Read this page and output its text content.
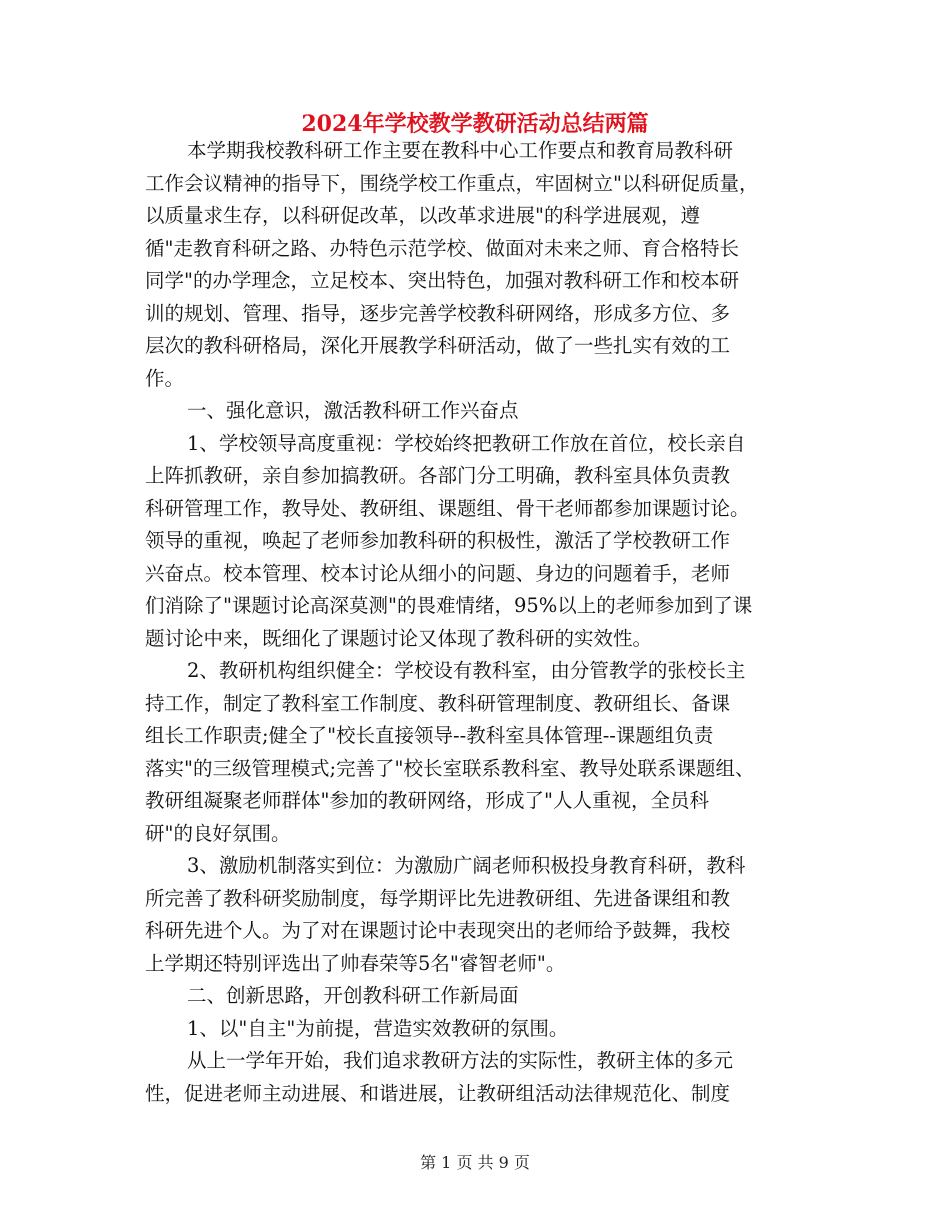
2024年学校教学教研活动总结两篇

本学期我校教科研工作主要在教科中心工作要点和教育局教科研

工作会议精神的指导下，围绕学校工作重点，牢固树立"以科研促质量，

以质量求生存，以科研促改革，以改革求进展"的科学进展观，遵

循"走教育科研之路、办特色示范学校、做面对未来之师、育合格特长

同学"的办学理念，立足校本、突出特色，加强对教科研工作和校本研

训的规划、管理、指导，逐步完善学校教科研网络，形成多方位、多

层次的教科研格局，深化开展教学科研活动，做了一些扎实有效的工

作。

一、强化意识，激活教科研工作兴奋点

1、学校领导高度重视：学校始终把教研工作放在首位，校长亲自

上阵抓教研，亲自参加搞教研。各部门分工明确，教科室具体负责教

科研管理工作，教导处、教研组、课题组、骨干老师都参加课题讨论。

领导的重视，唤起了老师参加教科研的积极性，激活了学校教研工作

兴奋点。校本管理、校本讨论从细小的问题、身边的问题着手，老师

们消除了"课题讨论高深莫测"的畏难情绪，95%以上的老师参加到了课

题讨论中来，既细化了课题讨论又体现了教科研的实效性。

2、教研机构组织健全：学校设有教科室，由分管教学的张校长主

持工作，制定了教科室工作制度、教科研管理制度、教研组长、备课

组长工作职责;健全了"校长直接领导--教科室具体管理--课题组负责

落实"的三级管理模式;完善了"校长室联系教科室、教导处联系课题组、

教研组凝聚老师群体"参加的教研网络，形成了"人人重视，全员科

研"的良好氛围。

3、激励机制落实到位：为激励广阔老师积极投身教育科研，教科

所完善了教科研奖励制度，每学期评比先进教研组、先进备课组和教

科研先进个人。为了对在课题讨论中表现突出的老师给予鼓舞，我校

上学期还特别评选出了帅春荣等5名"睿智老师"。

二、创新思路，开创教科研工作新局面

1、以"自主"为前提，营造实效教研的氛围。

从上一学年开始，我们追求教研方法的实际性，教研主体的多元

性，促进老师主动进展、和谐进展，让教研组活动法律规范化、制度

第 1 页 共 9 页
